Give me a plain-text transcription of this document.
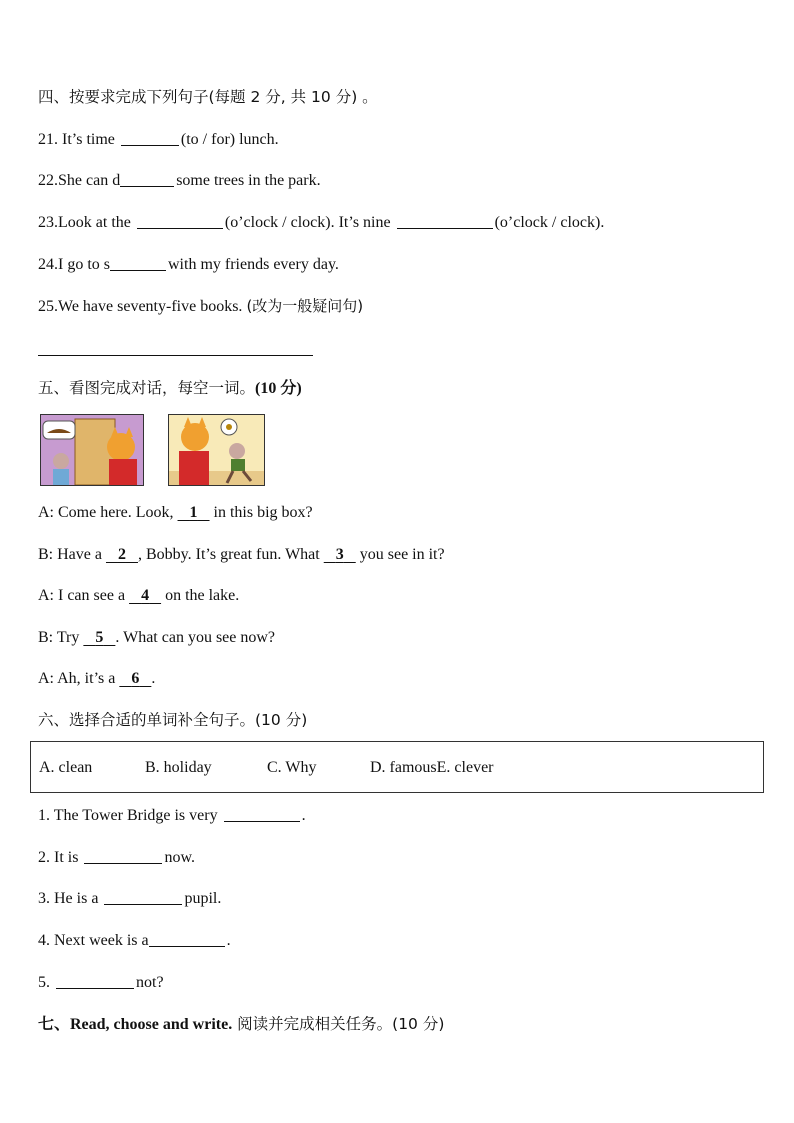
四、按要求完成下列句子(每题 2 分, 共 10 分) 。
21. It’s time	(to / for) lunch.
22.She can d	some trees in the park.
23.Look at the	(o’clock / clock). It’s nine	(o’clock / clock).
24.I go to s	with my friends every day.
25.We have seventy-five books. (改为一般疑问句)
五、看图完成对话，每空一词。(10 分)
A: Come here. Look,    1    in this big box?
B: Have a    2 , Bobby. It’s great fun. What    3    you see in it?
A: I can see a    4    on the lake.
B: Try    5 . What can you see now?
A: Ah, it’s a    6 .
六、选择合适的单词补全句子。(10 分)
A. clean	B. holiday	C. Why	D. famousE. clever
1. The Tower Bridge is very	.
2. It is	now.
3. He is a	pupil.
4. Next week is a	.
5.	not?
七、Read, choose and write. 阅读并完成相关任务。(10 分)
